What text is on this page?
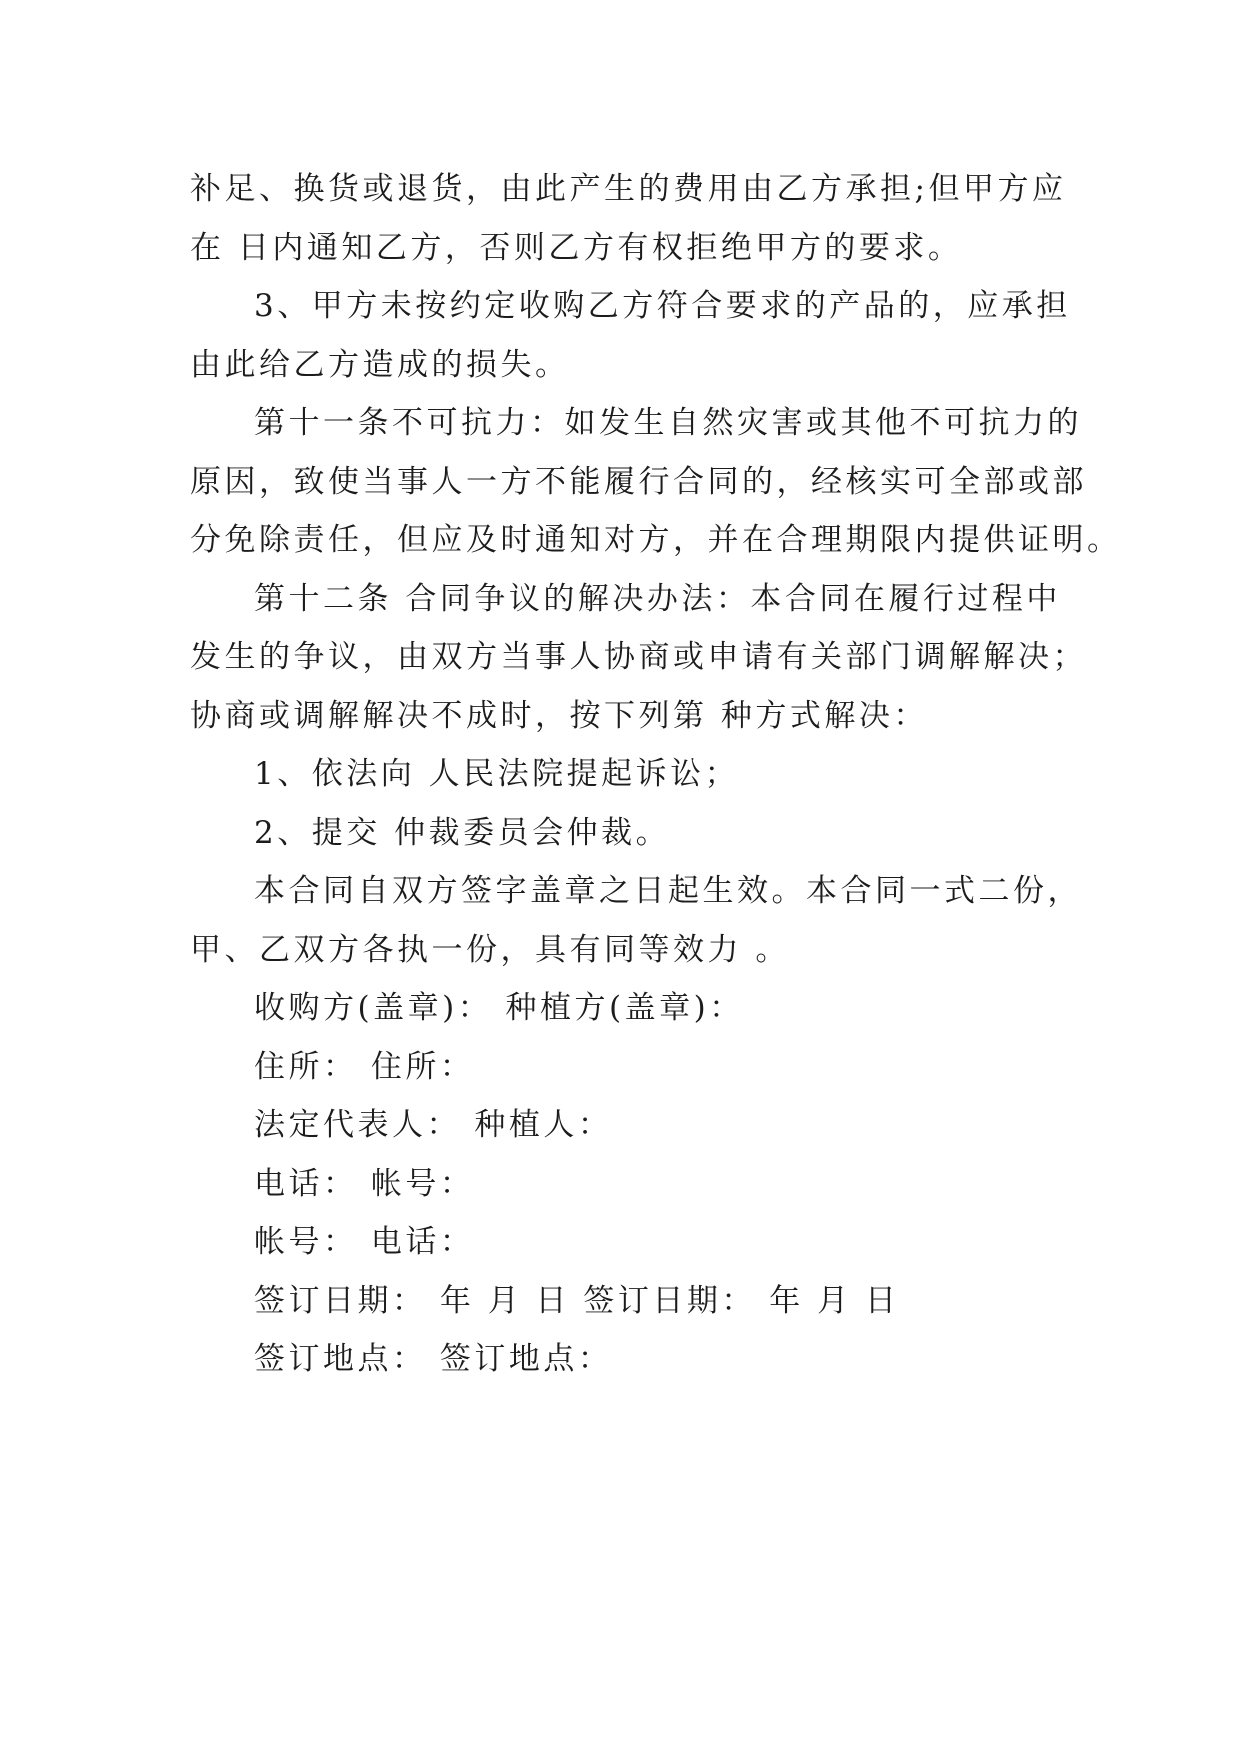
补足、换货或退货，由此产生的费用由乙方承担;但甲方应
在 日内通知乙方，否则乙方有权拒绝甲方的要求。
3、甲方未按约定收购乙方符合要求的产品的，应承担
由此给乙方造成的损失。
第十一条不可抗力：如发生自然灾害或其他不可抗力的
原因，致使当事人一方不能履行合同的，经核实可全部或部
分免除责任，但应及时通知对方，并在合理期限内提供证明。
第十二条 合同争议的解决办法：本合同在履行过程中
发生的争议，由双方当事人协商或申请有关部门调解解决；
协商或调解解决不成时，按下列第 种方式解决：
1、依法向 人民法院提起诉讼；
2、提交 仲裁委员会仲裁。
本合同自双方签字盖章之日起生效。本合同一式二份，
甲、乙双方各执一份，具有同等效力 。
收购方(盖章)： 种植方(盖章)：
住所： 住所：
法定代表人： 种植人：
电话： 帐号：
帐号： 电话：
签订日期： 年 月 日 签订日期： 年 月 日
签订地点： 签订地点：
